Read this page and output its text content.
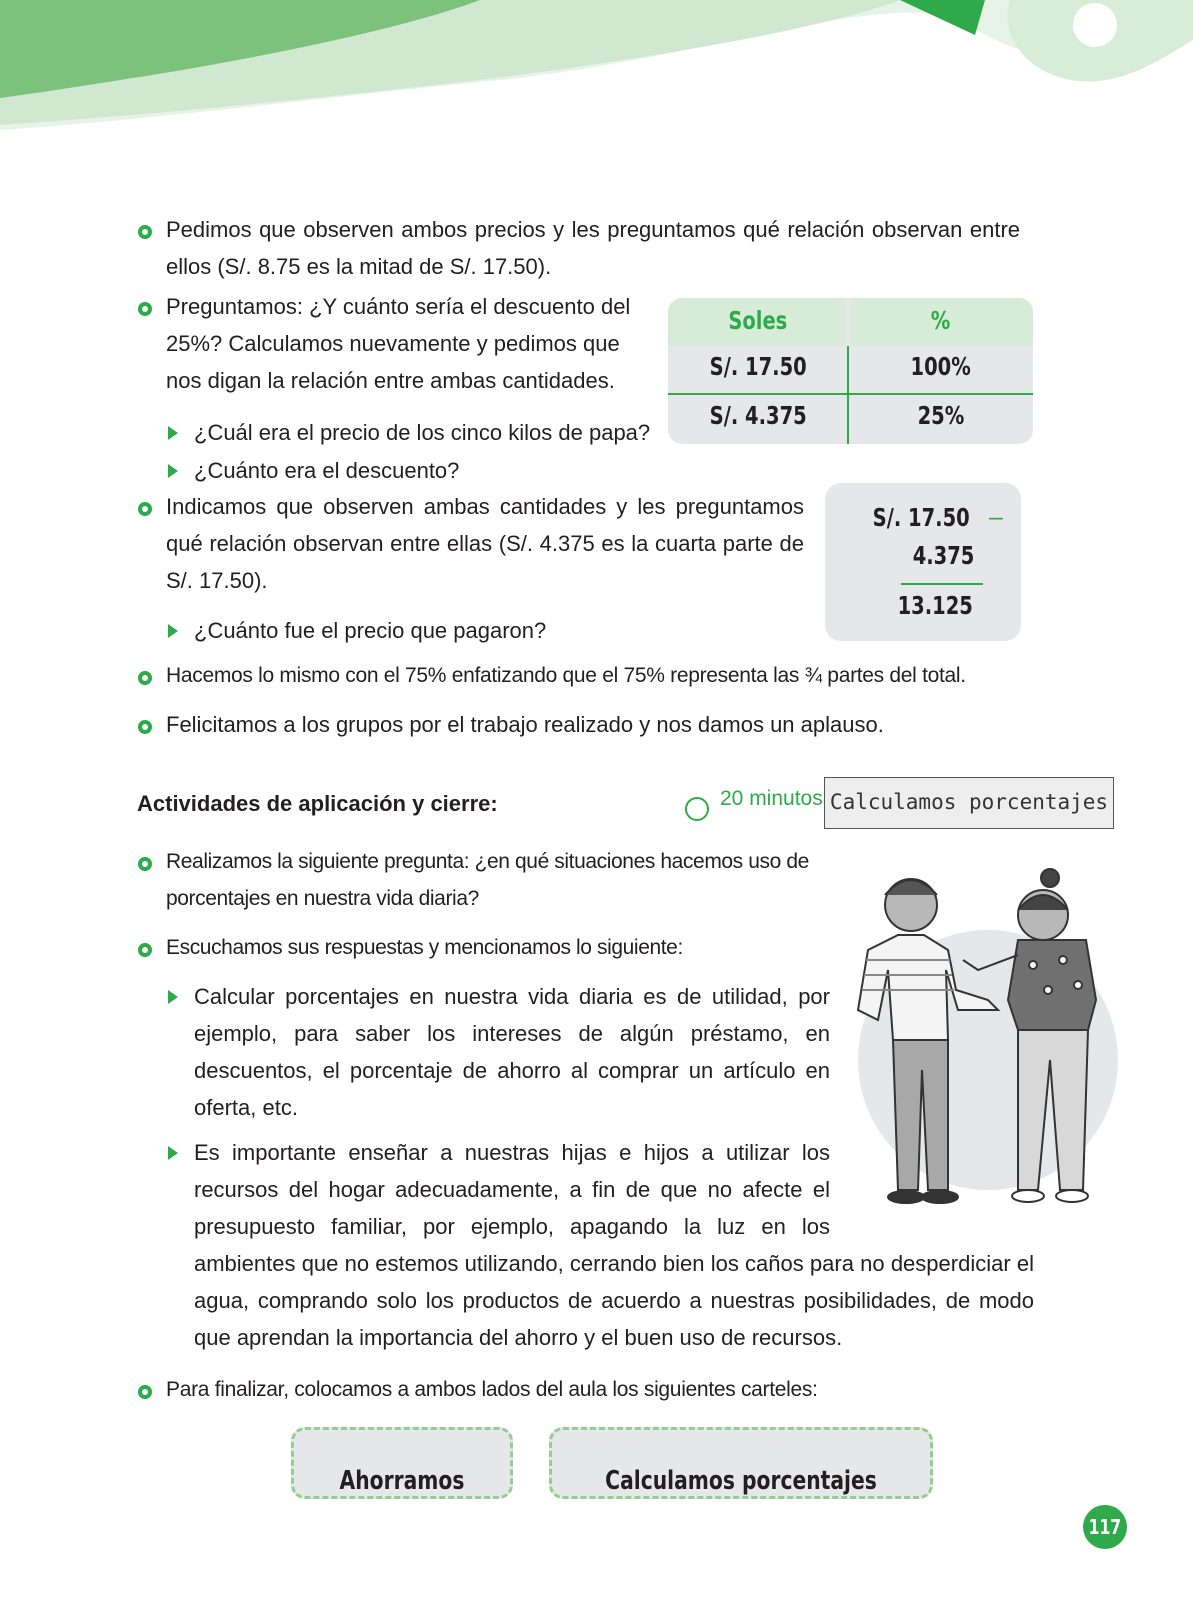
Pedimos que observen ambos precios y les preguntamos qué relación observan entre ellos (S/. 8.75 es la mitad de S/. 17.50).

Preguntamos: ¿Y cuánto sería el descuento del 25%? Calculamos nuevamente y pedimos que nos digan la relación entre ambas cantidades.

¿Cuál era el precio de los cinco kilos de papa?

¿Cuánto era el descuento?

Soles	%
S/. 17.50	100%
S/. 4.375	25%

Indicamos que observen ambas cantidades y les preguntamos qué relación observan entre ellas (S/. 4.375 es la cuarta parte de S/. 17.50).

¿Cuánto fue el precio que pagaron?

S/. 17.50 –
4.375
13.125

Hacemos lo mismo con el 75% enfatizando que el 75% representa las ¾ partes del total.

Felicitamos a los grupos por el trabajo realizado y nos damos un aplauso.

Actividades de aplicación y cierre:	20 minutos Calculamos porcentajes

Realizamos la siguiente pregunta: ¿en qué situaciones hacemos uso de porcentajes en nuestra vida diaria?

Escuchamos sus respuestas y mencionamos lo siguiente:

Calcular porcentajes en nuestra vida diaria es de utilidad, por ejemplo, para saber los intereses de algún préstamo, en descuentos, el porcentaje de ahorro al comprar un artículo en oferta, etc.

Es importante enseñar a nuestras hijas e hijos a utilizar los recursos del hogar adecuadamente, a fin de que no afecte el presupuesto familiar, por ejemplo, apagando la luz en los

ambientes que no estemos utilizando, cerrando bien los caños para no desperdiciar el agua, comprando solo los productos de acuerdo a nuestras posibilidades, de modo que aprendan la importancia del ahorro y el buen uso de recursos.

Para finalizar, colocamos a ambos lados del aula los siguientes carteles:

Ahorramos	Calculamos porcentajes
117
